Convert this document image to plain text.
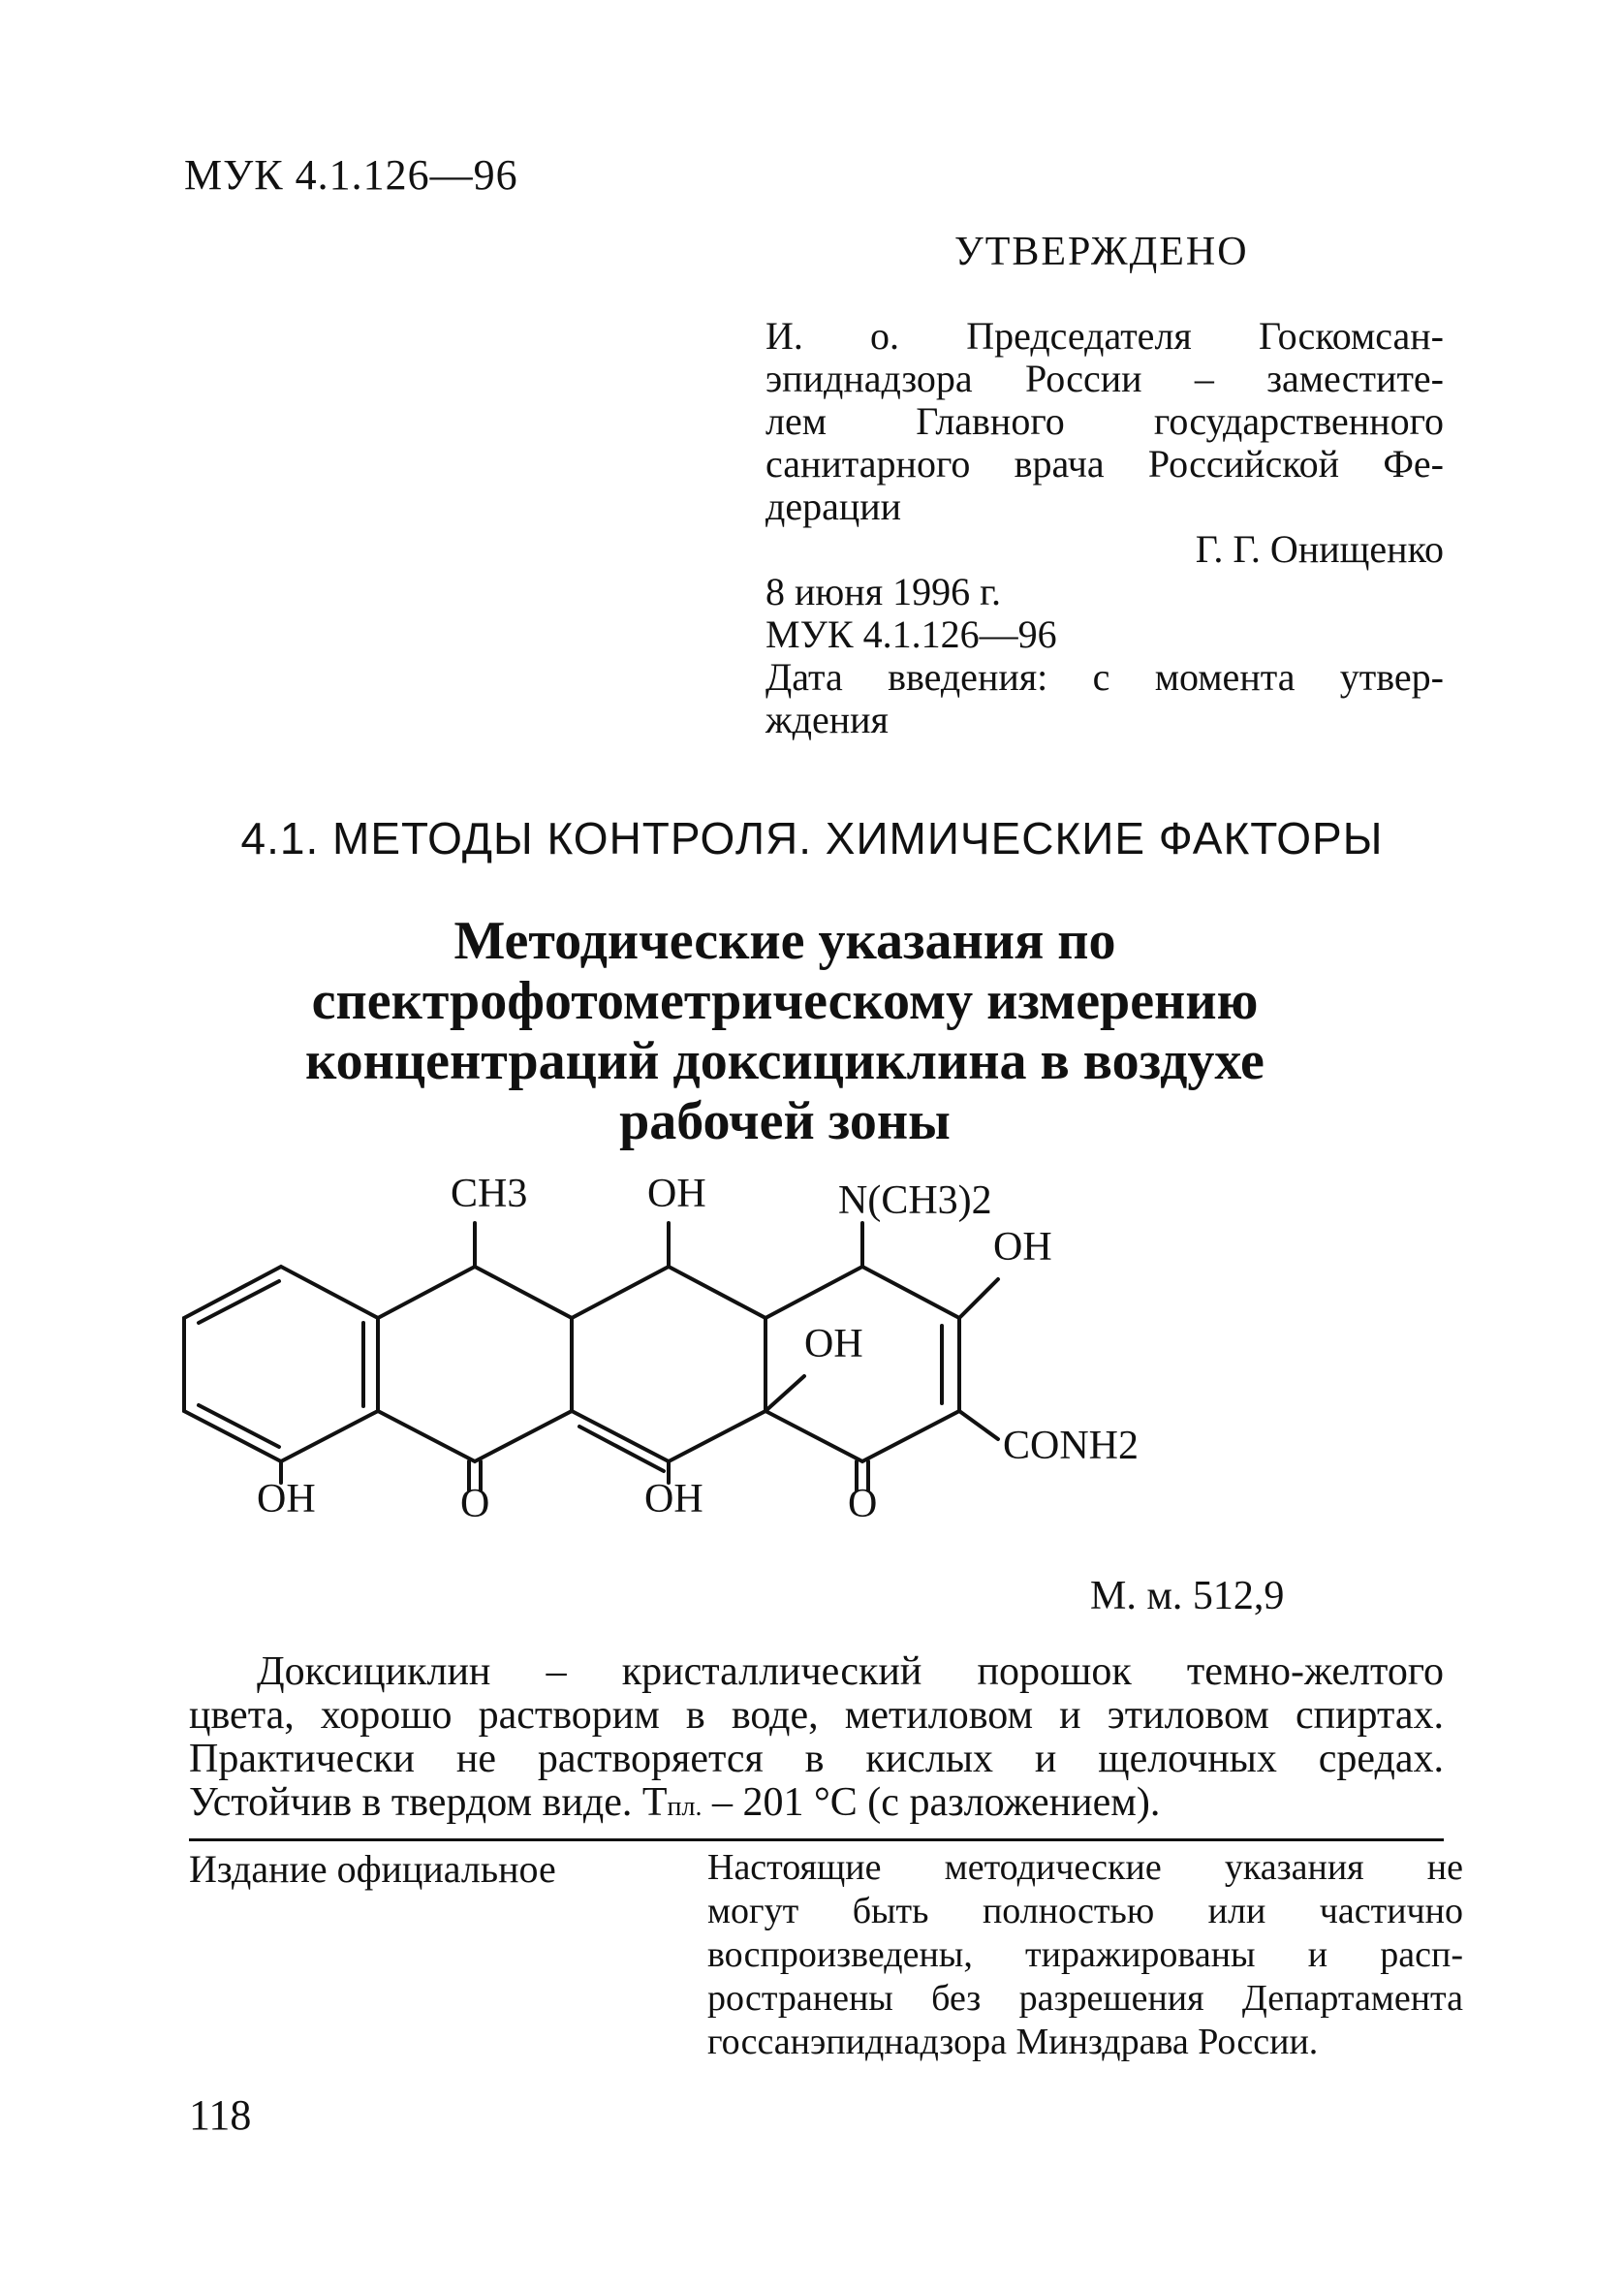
МУК 4.1.126—96
УТВЕРЖДЕНО
И. о. Председателя Госкомсан-
эпиднадзора России – заместите-
лем Главного государственного
санитарного врача Российской Фе-
дерации
Г. Г. Онищенко
8 июня 1996 г.
МУК 4.1.126—96
Дата введения: с момента утвер-
ждения
4.1. МЕТОДЫ КОНТРОЛЯ. ХИМИЧЕСКИЕ ФАКТОРЫ
Методические указания по
спектрофотометрическому измерению
концентраций доксициклина в воздухе
рабочей зоны
CH3	OH	N(CH3)2
OH
OH
CONH2
OH	O	OH	O
М. м. 512,9

Доксициклин – кристаллический порошок темно-желтого

цвета, хорошо растворим в воде, метиловом и этиловом спиртах.

Практически не растворяется в кислых и щелочных средах.

Устойчив в твердом виде. Tпл. – 201 °C (с разложением).

Издание официальное	Настоящие методические указания не
могут быть полностью или частично
воспроизведены, тиражированы и расп-
ространены без разрешения Департамента
госсанэпиднадзора Минздрава России.
118
